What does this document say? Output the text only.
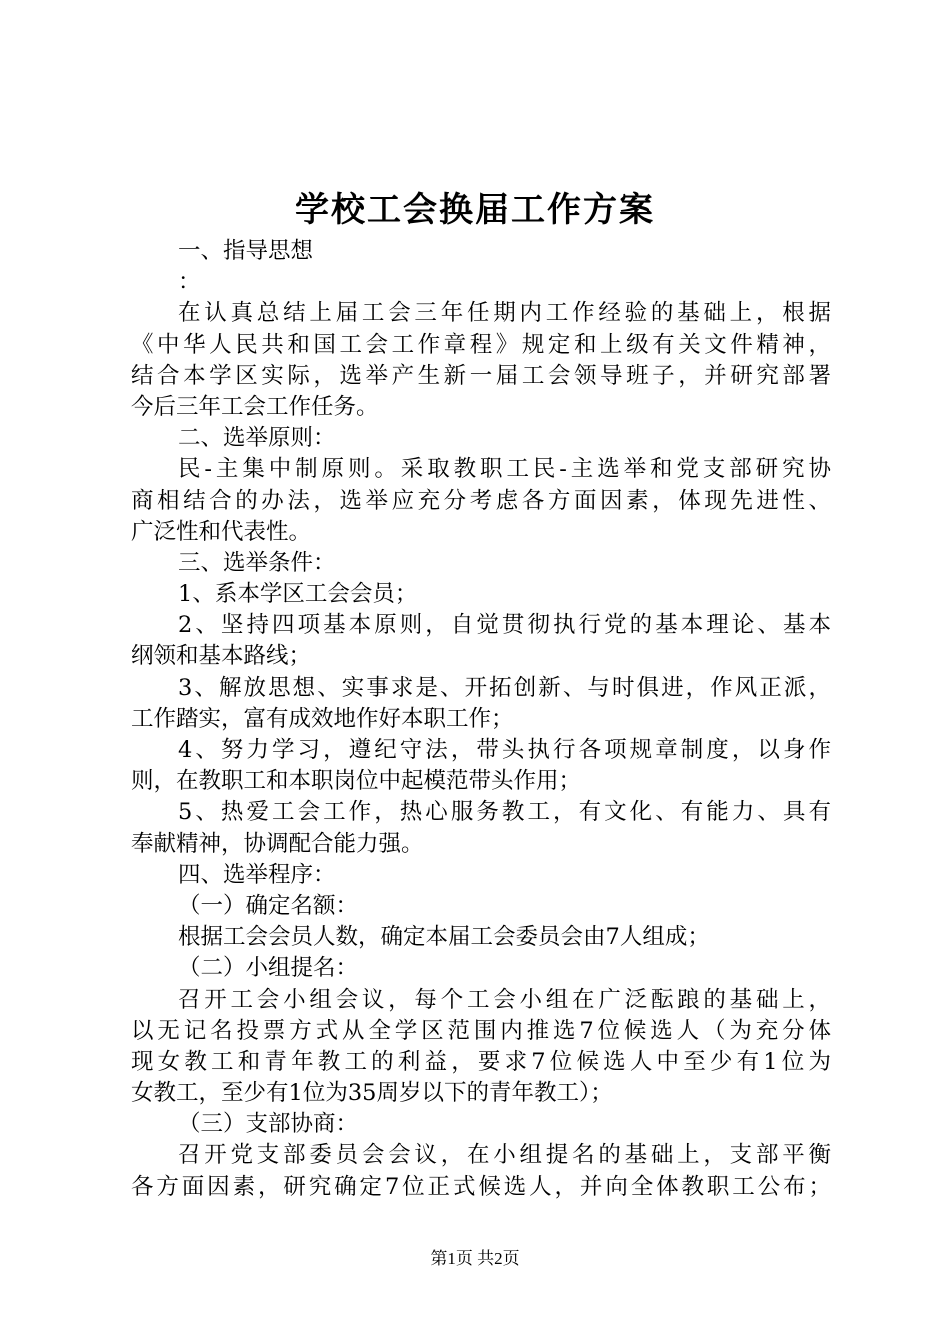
学校工会换届工作方案
一、指导思想
：
在认真总结上届工会三年任期内工作经验的基础上，根据
《中华人民共和国工会工作章程》规定和上级有关文件精神，
结合本学区实际，选举产生新一届工会领导班子，并研究部署
今后三年工会工作任务。
二、选举原则：
民-主集中制原则。采取教职工民-主选举和党支部研究协
商相结合的办法，选举应充分考虑各方面因素，体现先进性、
广泛性和代表性。
三、选举条件：
1、系本学区工会会员；
2、坚持四项基本原则，自觉贯彻执行党的基本理论、基本
纲领和基本路线；
3、解放思想、实事求是、开拓创新、与时俱进，作风正派，
工作踏实，富有成效地作好本职工作；
4、努力学习，遵纪守法，带头执行各项规章制度，以身作
则，在教职工和本职岗位中起模范带头作用；
5、热爱工会工作，热心服务教工，有文化、有能力、具有
奉献精神，协调配合能力强。
四、选举程序：
（一）确定名额：
根据工会会员人数，确定本届工会委员会由7人组成；
（二）小组提名：
召开工会小组会议，每个工会小组在广泛酝踉的基础上，
以无记名投票方式从全学区范围内推选7位候选人（为充分体
现女教工和青年教工的利益，要求7位候选人中至少有1位为
女教工，至少有1位为35周岁以下的青年教工）；
（三）支部协商：
召开党支部委员会会议，在小组提名的基础上，支部平衡
各方面因素，研究确定7位正式候选人，并向全体教职工公布；
第1页 共2页
